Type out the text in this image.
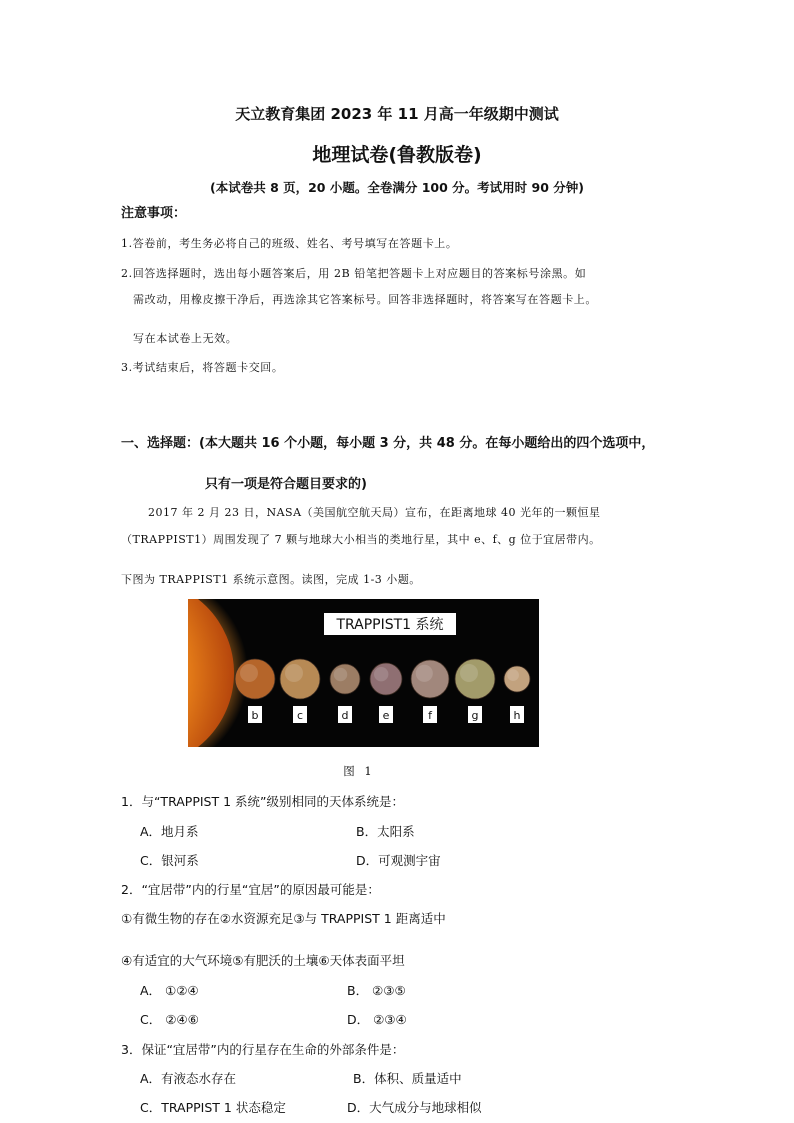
天立教育集团 2023 年 11 月高一年级期中测试
地理试卷(鲁教版卷)
(本试卷共 8 页，20 小题。全卷满分 100 分。考试用时 90 分钟)
注意事项：
1.答卷前，考生务必将自己的班级、姓名、考号填写在答题卡上。
2.回答选择题时，选出每小题答案后，用 2B 铅笔把答题卡上对应题目的答案标号涂黑。如
需改动，用橡皮擦干净后，再选涂其它答案标号。回答非选择题时，将答案写在答题卡上。
写在本试卷上无效。
3.考试结束后，将答题卡交回。
一、选择题：(本大题共 16 个小题，每小题 3 分，共 48 分。在每小题给出的四个选项中，
只有一项是符合题目要求的)
2017 年 2 月 23 日，NASA（美国航空航天局）宣布，在距离地球 40 光年的一颗恒星
（TRAPPIST1）周围发现了 7 颗与地球大小相当的类地行星，其中 e、f、g 位于宜居带内。
下图为 TRAPPIST1 系统示意图。读图，完成 1-3 小题。
TRAPPIST1 系统
b	c	d	e	f	g	h
图 1
1．与“TRAPPIST 1 系统”级别相同的天体系统是：
A．地月系	B．太阳系
C．银河系	D．可观测宇宙
2．“宜居带”内的行星“宜居”的原因最可能是：
①有微生物的存在②水资源充足③与 TRAPPIST 1 距离适中
④有适宜的大气环境⑤有肥沃的土壤⑥天体表面平坦
A． ①②④	B． ②③⑤
C． ②④⑥	D． ②③④
3．保证“宜居带”内的行星存在生命的外部条件是：
A．有液态水存在	B．体积、质量适中
C．TRAPPIST 1 状态稳定	D．大气成分与地球相似
